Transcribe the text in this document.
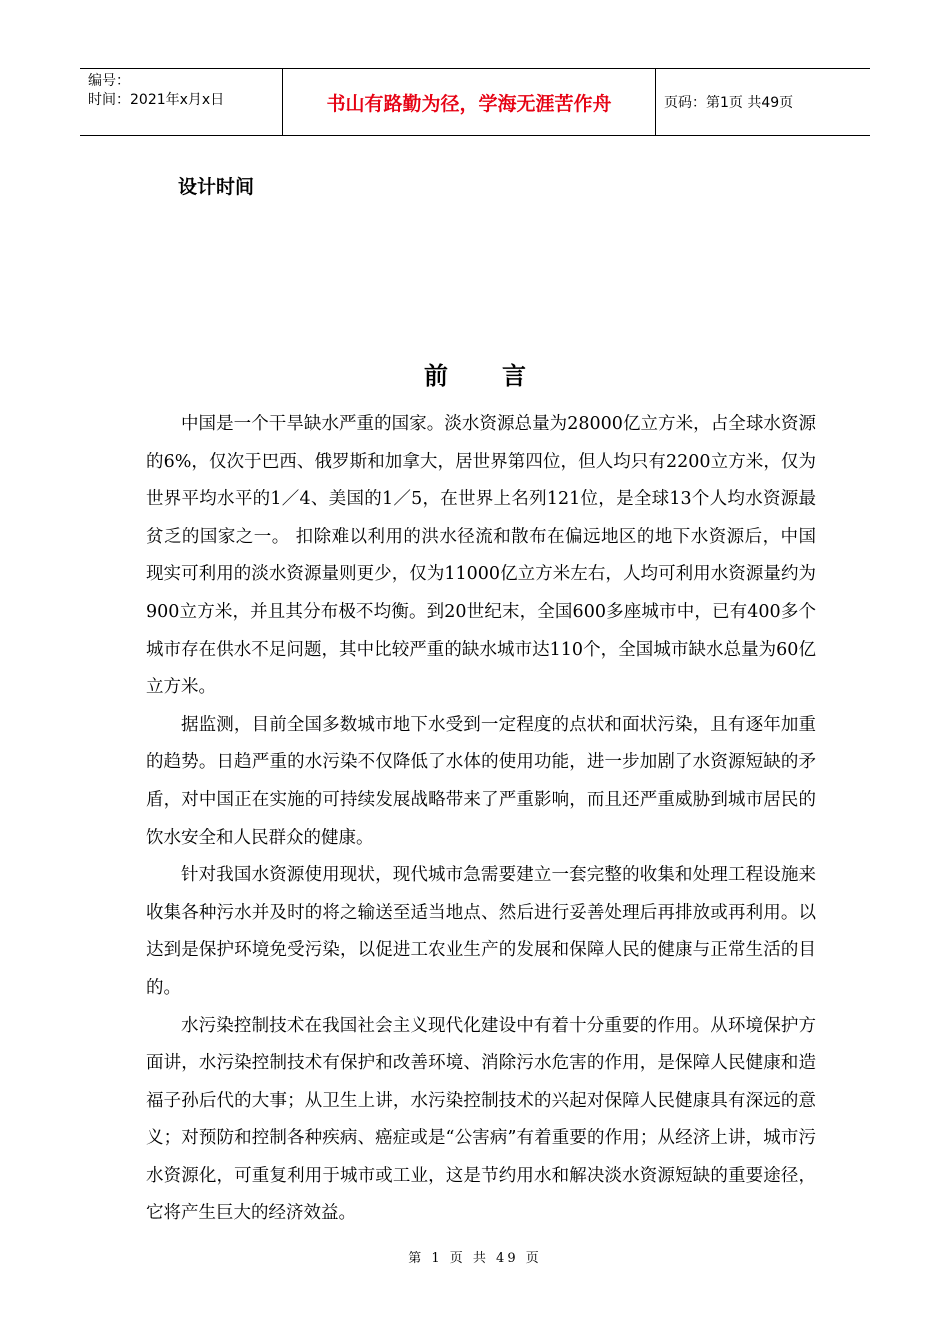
编号：
时间：2021年x月x日	书山有路勤为径，学海无涯苦作舟	页码：第1页 共49页
设计时间
前言

中国是一个干旱缺水严重的国家。淡水资源总量为28000亿立方米，占全球水资源的6%，仅次于巴西、俄罗斯和加拿大，居世界第四位，但人均只有2200立方米，仅为世界平均水平的1／4、美国的1／5，在世界上名列121位，是全球13个人均水资源最贫乏的国家之一。 扣除难以利用的洪水径流和散布在偏远地区的地下水资源后，中国现实可利用的淡水资源量则更少，仅为11000亿立方米左右，人均可利用水资源量约为900立方米，并且其分布极不均衡。到20世纪末，全国600多座城市中，已有400多个城市存在供水不足问题，其中比较严重的缺水城市达110个，全国城市缺水总量为60亿立方米。

据监测，目前全国多数城市地下水受到一定程度的点状和面状污染，且有逐年加重的趋势。日趋严重的水污染不仅降低了水体的使用功能，进一步加剧了水资源短缺的矛盾，对中国正在实施的可持续发展战略带来了严重影响，而且还严重威胁到城市居民的饮水安全和人民群众的健康。

针对我国水资源使用现状，现代城市急需要建立一套完整的收集和处理工程设施来收集各种污水并及时的将之输送至适当地点、然后进行妥善处理后再排放或再利用。以达到是保护环境免受污染，以促进工农业生产的发展和保障人民的健康与正常生活的目的。

水污染控制技术在我国社会主义现代化建设中有着十分重要的作用。从环境保护方面讲，水污染控制技术有保护和改善环境、消除污水危害的作用，是保障人民健康和造福子孙后代的大事；从卫生上讲，水污染控制技术的兴起对保障人民健康具有深远的意义；对预防和控制各种疾病、癌症或是“公害病”有着重要的作用；从经济上讲，城市污水资源化，可重复利用于城市或工业，这是节约用水和解决淡水资源短缺的重要途径，它将产生巨大的经济效益。

第 1 页 共 49 页
